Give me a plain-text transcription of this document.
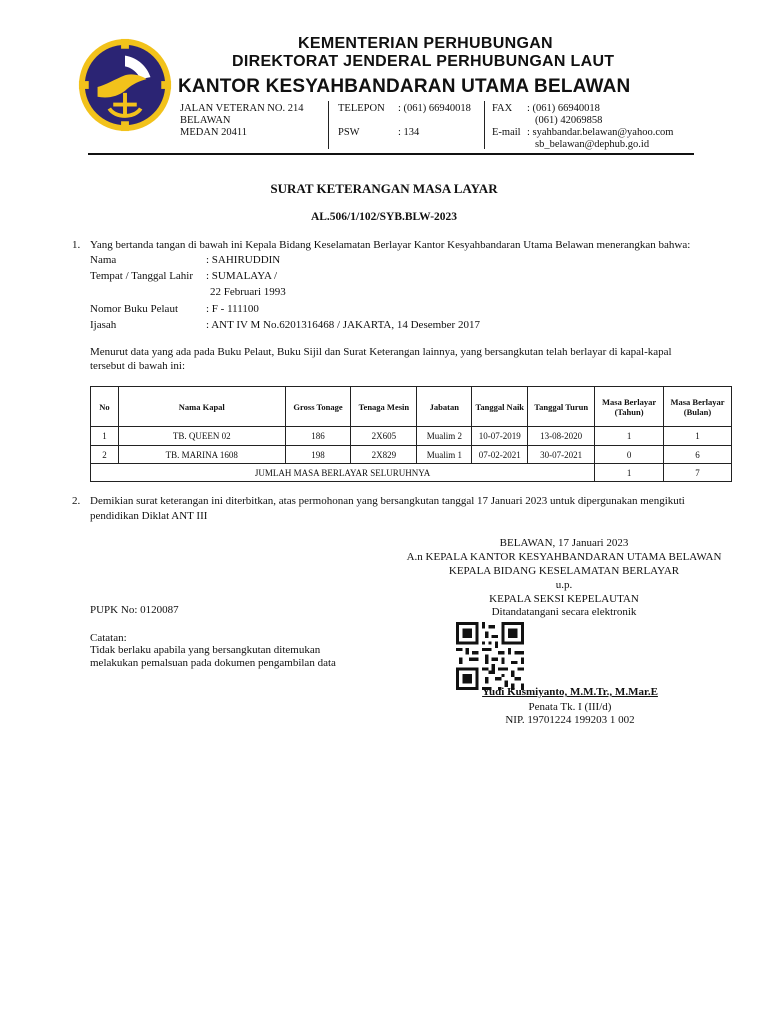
KEMENTERIAN PERHUBUNGAN
DIREKTORAT JENDERAL PERHUBUNGAN LAUT
KANTOR KESYAHBANDARAN UTAMA BELAWAN
JALAN VETERAN NO. 214
BELAWAN
MEDAN 20411
TELEPON : (061) 66940018
PSW	: 134
FAX : (061) 66940018
(061) 42069858
E-mail : syahbandar.belawan@yahoo.com
sb_belawan@dephub.go.id
SURAT KETERANGAN MASA LAYAR
AL.506/1/102/SYB.BLW-2023
1. Yang bertanda tangan di bawah ini Kepala Bidang Keselamatan Berlayar Kantor Kesyahbandaran Utama Belawan menerangkan bahwa:
Nama	: SAHIRUDDIN
Tempat / Tanggal Lahir : SUMALAYA /
22 Februari 1993
Nomor Buku Pelaut	: F - 111100
Ijasah	: ANT IV M No.6201316468 / JAKARTA, 14 Desember 2017
Menurut data yang ada pada Buku Pelaut, Buku Sijil dan Surat Keterangan lainnya, yang bersangkutan telah berlayar di kapal-kapal
tersebut di bawah ini:
No	Nama Kapal	Gross Tonage	Tenaga Mesin	Jabatan	Tanggal Naik	Tanggal Turun	Masa Berlayar (Tahun)	Masa Berlayar (Bulan)
1	TB. QUEEN 02	186	2X605	Mualim 2	10-07-2019	13-08-2020	1	1
2	TB. MARINA 1608	198	2X829	Mualim 1	07-02-2021	30-07-2021	0	6
JUMLAH MASA BERLAYAR SELURUHNYA							1	7
2. Demikian surat keterangan ini diterbitkan, atas permohonan yang bersangkutan tanggal 17 Januari 2023 untuk dipergunakan mengikuti
pendidikan Diklat ANT III
BELAWAN, 17 Januari 2023
A.n KEPALA KANTOR KESYAHBANDARAN UTAMA BELAWAN
KEPALA BIDANG KESELAMATAN BERLAYAR
u.p.
KEPALA SEKSI KEPELAUTAN
Ditandatangani secara elektronik
Yudi Kusmiyanto, M.M.Tr., M.Mar.E
Penata Tk. I (III/d)
NIP. 19701224 199203 1 002
PUPK No: 0120087
Catatan:
Tidak berlaku apabila yang bersangkutan ditemukan
melakukan pemalsuan pada dokumen pengambilan data
